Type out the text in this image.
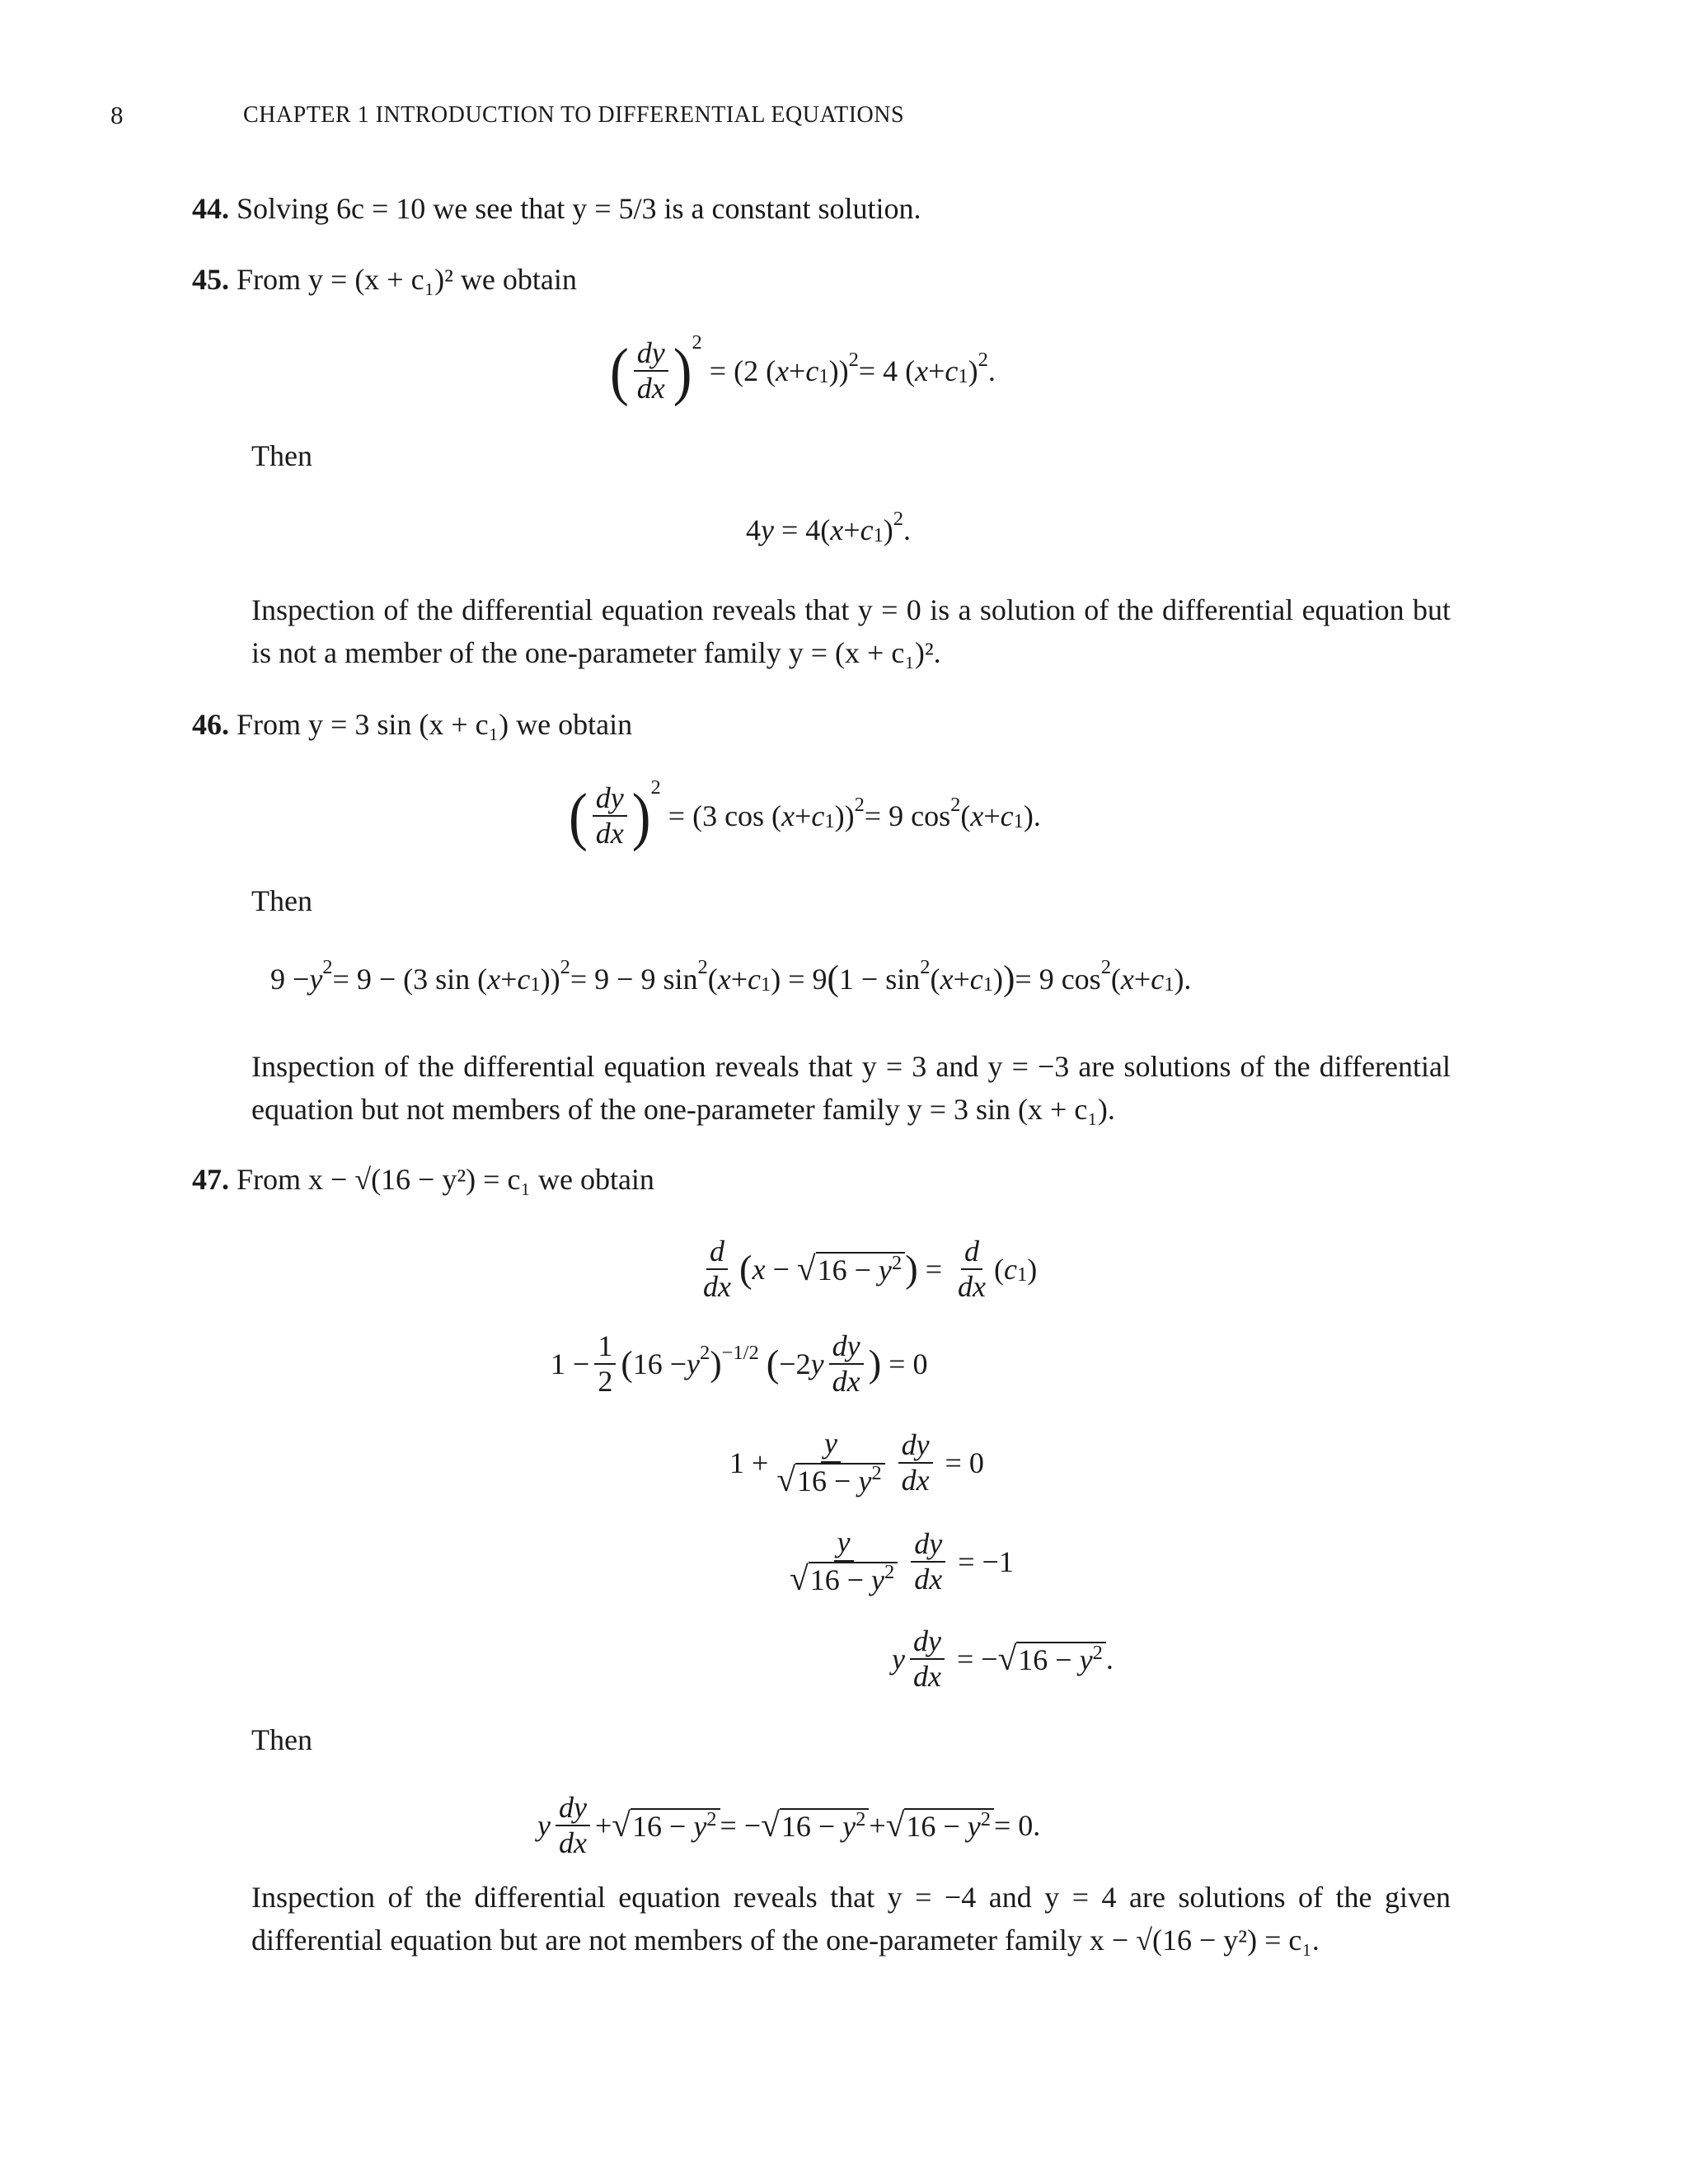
8	CHAPTER 1 INTRODUCTION TO DIFFERENTIAL EQUATIONS
44. Solving 6c = 10 we see that y = 5/3 is a constant solution.
45. From y = (x + c₁)² we obtain
( $\frac{dy}{dx} )^2$
= (2 ( $x + c_1$ ))$^2$ = 4 ( $x + c_1$ )$^2$ .
Then
4 y = 4( $x + c_1$ )$^2$ .
Inspection of the differential equation reveals that y = 0 is a solution of the differential equation but is not a member of the one-parameter family y = (x + c₁)².
46. From y = 3 sin (x + c₁) we obtain
( $\frac{dy}{dx} )^2$
= (3 cos ( $x + c_1$ ))$^2$ = 9 $\cos^2$ ( $x + c_1$ ).
Then
$9 - y^2 = 9 - (3$ sin ( $x + c_1$ ))$^2$ = 9 − 9 $\sin^2$ ( $x + c_1$ ) = 9 ( $1 - \sin^2$ ( $x + c_1$ ) ) = 9 $\cos^2$ ( $x + c_1$ ).
Inspection of the differential equation reveals that y = 3 and y = −3 are solutions of the differential equation but not members of the one-parameter family y = 3 sin (x + c₁).
47. From x − √(16 − y²) = c₁ we obtain
$\frac{d}{dx}$ ( x − √ $16 - y^2$ ) = $\frac{d}{dx}$ ( $c_1$ )
$1 - \frac{1}{2}$ ( $16 - y^2$ )$^{-1/2}$
( −2 y $\frac{dy}{dx}$ ) = 0
$1 + \frac{y}{√ 16 - y^2} \frac{dy}{dx} = 0$
$\frac{y}{√ 16 - y^2} \frac{dy}{dx} = -1$
y $\frac{dy}{dx}$ = − √ $16 - y^2$ .
Then
y $\frac{dy}{dx}$ + √ $16 - y^2$ = − √ $16 - y^2$ + √ $16 - y^2 = 0$.
Inspection of the differential equation reveals that y = −4 and y = 4 are solutions of the given differential equation but are not members of the one-parameter family x − √(16 − y²) = c₁.
